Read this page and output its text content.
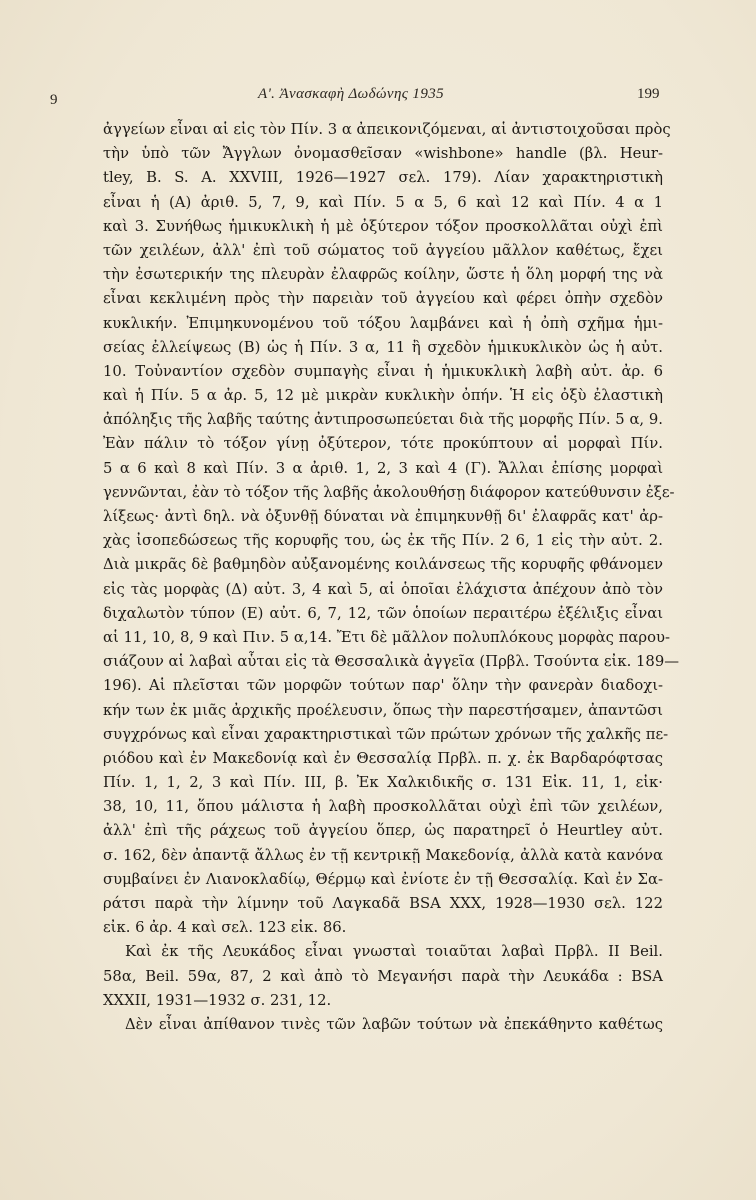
9	Α'. Ἀνασκαφὴ Δωδώνης 1935	199
ἀγγείων εἶναι αἱ εἰς τὸν Πίν. 3 α ἀπεικονιζόμεναι, αἱ ἀντιστοιχοῦσαι πρὸς
τὴν ὑπὸ τῶν Ἄγγλων ὀνομασθεῖσαν «wishbone» handle (βλ. Heur-
tley, B. S. A. XXVIII, 1926—1927 σελ. 179). Λίαν χαρακτηριστικὴ
εἶναι ἡ (Α) ἀριθ. 5, 7, 9, καὶ Πίν. 5 α 5, 6 καὶ 12 καὶ Πίν. 4 α 1
καὶ 3. Συνήθως ἡμικυκλικὴ ἡ μὲ ὀξύτερον τόξον προσκολλᾶται οὐχὶ ἐπὶ
τῶν χειλέων, ἀλλ' ἐπὶ τοῦ σώματος τοῦ ἀγγείου μᾶλλον καθέτως, ἔχει
τὴν ἐσωτερικήν της πλευρὰν ἐλαφρῶς κοίλην, ὥστε ἡ ὅλη μορφή της νὰ
εἶναι κεκλιμένη πρὸς τὴν παρειὰν τοῦ ἀγγείου καὶ φέρει ὀπὴν σχεδὸν
κυκλικήν. Ἐπιμηκυνομένου τοῦ τόξου λαμβάνει καὶ ἡ ὀπὴ σχῆμα ἡμι-
σείας ἐλλείψεως (Β) ὡς ἡ Πίν. 3 α, 11 ἢ σχεδὸν ἡμικυκλικὸν ὡς ἡ αὐτ.
10. Τοὐναντίον σχεδὸν συμπαγὴς εἶναι ἡ ἡμικυκλικὴ λαβὴ αὐτ. ἀρ. 6
καὶ ἡ Πίν. 5 α ἀρ. 5, 12 μὲ μικρὰν κυκλικὴν ὀπήν. Ἡ εἰς ὀξὺ ἐλαστικὴ
ἀπόληξις τῆς λαβῆς ταύτης ἀντιπροσωπεύεται διὰ τῆς μορφῆς Πίν. 5 α, 9.
Ἐὰν πάλιν τὸ τόξον γίνῃ ὀξύτερον, τότε προκύπτουν αἱ μορφαὶ Πίν.
5 α 6 καὶ 8 καὶ Πίν. 3 α ἀριθ. 1, 2, 3 καὶ 4 (Γ). Ἄλλαι ἐπίσης μορφαὶ
γεννῶνται, ἐὰν τὸ τόξον τῆς λαβῆς ἀκολουθήσῃ διάφορον κατεύθυνσιν ἐξε-
λίξεως· ἀντὶ δηλ. νὰ ὀξυνθῇ δύναται νὰ ἐπιμηκυνθῇ δι' ἐλαφρᾶς κατ' ἀρ-
χὰς ἰσοπεδώσεως τῆς κορυφῆς του, ὡς ἐκ τῆς Πίν. 2 6, 1 εἰς τὴν αὐτ. 2.
Διὰ μικρᾶς δὲ βαθμηδὸν αὐξανομένης κοιλάνσεως τῆς κορυφῆς φθάνομεν
εἰς τὰς μορφὰς (Δ) αὐτ. 3, 4 καὶ 5, αἱ ὁποῖαι ἐλάχιστα ἀπέχουν ἀπὸ τὸν
διχαλωτὸν τύπον (Ε) αὐτ. 6, 7, 12, τῶν ὁποίων περαιτέρω ἐξέλιξις εἶναι
αἱ 11, 10, 8, 9 καὶ Πιν. 5 α,14. Ἔτι δὲ μᾶλλον πολυπλόκους μορφὰς παρου-
σιάζουν αἱ λαβαὶ αὗται εἰς τὰ Θεσσαλικὰ ἀγγεῖα (Πρβλ. Τσούντα εἰκ. 189—
196). Αἱ πλεῖσται τῶν μορφῶν τούτων παρ' ὅλην τὴν φανερὰν διαδοχι-
κήν των ἐκ μιᾶς ἀρχικῆς προέλευσιν, ὅπως τὴν παρεστήσαμεν, ἀπαντῶσι
συγχρόνως καὶ εἶναι χαρακτηριστικαὶ τῶν πρώτων χρόνων τῆς χαλκῆς πε-
ριόδου καὶ ἐν Μακεδονίᾳ καὶ ἐν Θεσσαλίᾳ Πρβλ. π. χ. ἐκ Βαρδαρόφτσας
Πίν. 1, 1, 2, 3 καὶ Πίν. III, β. Ἐκ Χαλκιδικῆς σ. 131 Εἰκ. 11, 1, εἰκ·
38, 10, 11, ὅπου μάλιστα ἡ λαβὴ προσκολλᾶται οὐχὶ ἐπὶ τῶν χειλέων,
ἀλλ' ἐπὶ τῆς ράχεως τοῦ ἀγγείου ὅπερ, ὡς παρατηρεῖ ὁ Heurtley αὐτ.
σ. 162, δὲν ἀπαντᾷ ἄλλως ἐν τῇ κεντρικῇ Μακεδονίᾳ, ἀλλὰ κατὰ κανόνα
συμβαίνει ἐν Λιανοκλαδίῳ, Θέρμῳ καὶ ἐνίοτε ἐν τῇ Θεσσαλίᾳ. Καὶ ἐν Σα-
ράτσι παρὰ τὴν λίμνην τοῦ Λαγκαδᾶ BSA XXX, 1928—1930 σελ. 122
εἰκ. 6 ἀρ. 4 καὶ σελ. 123 εἰκ. 86.
Καὶ ἐκ τῆς Λευκάδος εἶναι γνωσταὶ τοιαῦται λαβαὶ Πρβλ. II Beil.
58α, Beil. 59α, 87, 2 καὶ ἀπὸ τὸ Μεγανήσι παρὰ τὴν Λευκάδα : BSA
XXXII, 1931—1932 σ. 231, 12.
Δὲν εἶναι ἀπίθανον τινὲς τῶν λαβῶν τούτων νὰ ἐπεκάθηντο καθέτως
